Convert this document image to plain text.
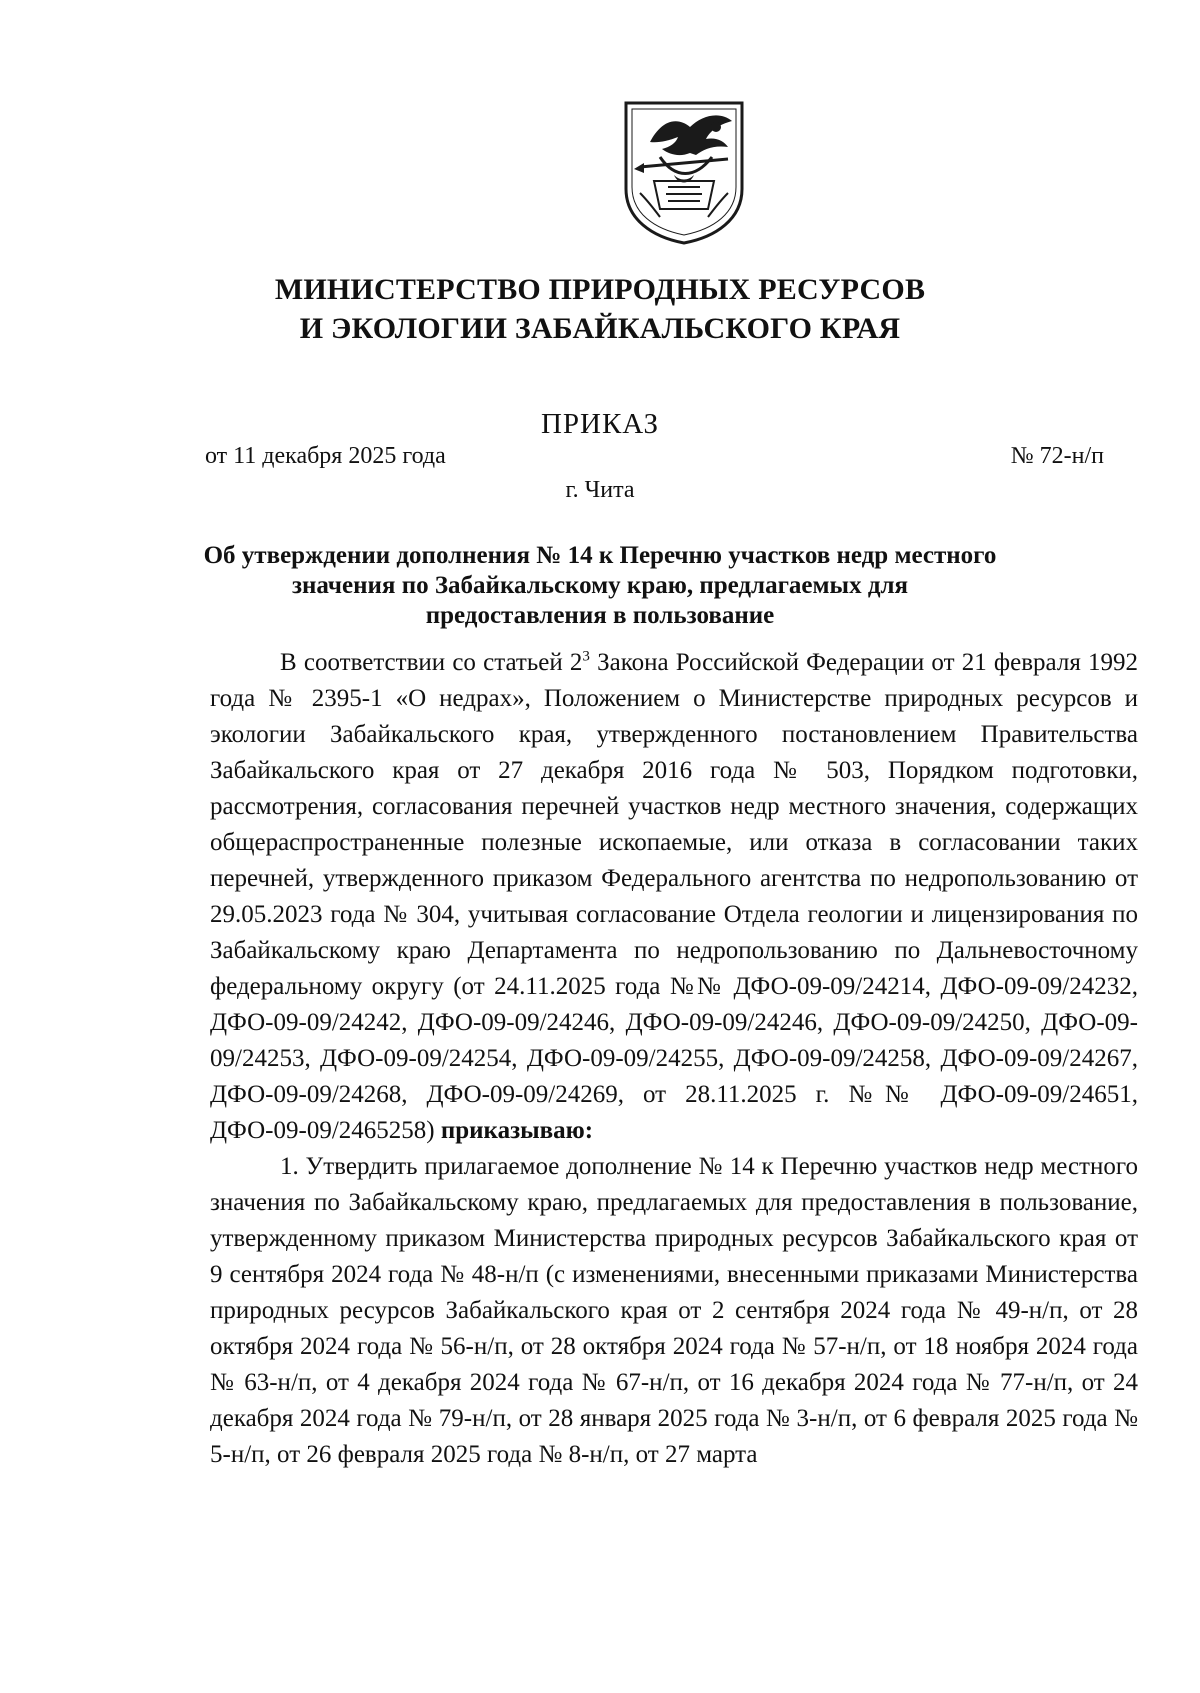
МИНИСТЕРСТВО ПРИРОДНЫХ РЕСУРСОВ
И ЭКОЛОГИИ ЗАБАЙКАЛЬСКОГО КРАЯ
ПРИКАЗ
от 11 декабря 2025 года	№ 72-н/п
г. Чита
Об утверждении дополнения № 14 к Перечню участков недр местного
значения по Забайкальскому краю, предлагаемых для
предоставления в пользование

В соответствии со статьей $2^3$ Закона Российской Федерации от 21 февраля 1992 года № 2395-1 «О недрах», Положением о Министерстве природных ресурсов и экологии Забайкальского края, утвержденного постановлением Правительства Забайкальского края от 27 декабря 2016 года № 503, Порядком подготовки, рассмотрения, согласования перечней участков недр местного значения, содержащих общераспространенные полезные ископаемые, или отказа в согласовании таких перечней, утвержденного приказом Федерального агентства по недропользованию от 29.05.2023 года № 304, учитывая согласование Отдела геологии и лицензирования по Забайкальскому краю Департамента по недропользованию по Дальневосточному федеральному округу (от 24.11.2025 года №№ ДФО-09-09/24214, ДФО-09-09/24232, ДФО-09-09/24242, ДФО-09-09/24246, ДФО-09-09/24246, ДФО-09-09/24250, ДФО-09-09/24253, ДФО-09-09/24254, ДФО-09-09/24255, ДФО-09-09/24258, ДФО-09-09/24267, ДФО-09-09/24268, ДФО-09-09/24269, от 28.11.2025 г. №№ ДФО-09-09/24651, ДФО-09-09/2465258) приказываю:

1. Утвердить прилагаемое дополнение № 14 к Перечню участков недр местного значения по Забайкальскому краю, предлагаемых для предоставления в пользование, утвержденному приказом Министерства природных ресурсов Забайкальского края от 9 сентября 2024 года № 48-н/п (с изменениями, внесенными приказами Министерства природных ресурсов Забайкальского края от 2 сентября 2024 года № 49-н/п, от 28 октября 2024 года № 56-н/п, от 28 октября 2024 года № 57-н/п, от 18 ноября 2024 года № 63-н/п, от 4 декабря 2024 года № 67-н/п, от 16 декабря 2024 года № 77-н/п, от 24 декабря 2024 года № 79-н/п, от 28 января 2025 года № 3-н/п, от 6 февраля 2025 года № 5-н/п, от 26 февраля 2025 года № 8-н/п, от 27 марта
